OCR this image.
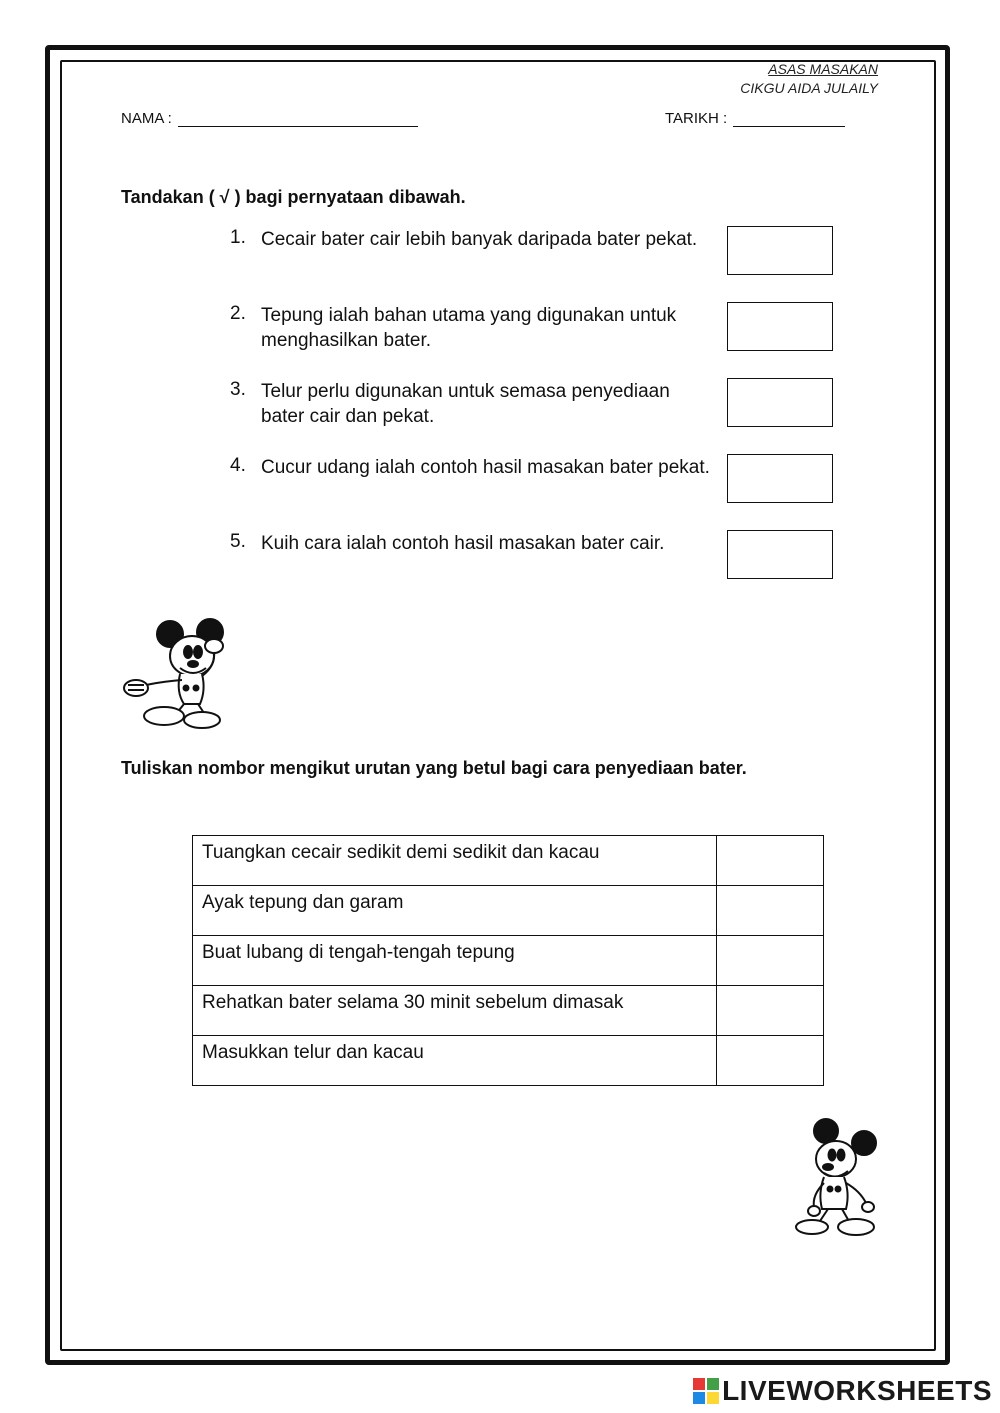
ASAS MASAKAN
CIKGU AIDA JULAILY
NAMA :	TARIKH :
Tandakan ( √ ) bagi pernyataan dibawah.
1. Cecair bater cair lebih banyak daripada bater pekat.
2. Tepung ialah bahan utama yang digunakan untuk menghasilkan bater.
3. Telur perlu digunakan untuk semasa penyediaan bater cair dan pekat.
4. Cucur udang ialah contoh hasil masakan bater pekat.
5. Kuih cara ialah contoh hasil masakan bater cair.
Tuliskan nombor mengikut urutan yang betul bagi cara penyediaan bater.
Tuangkan cecair sedikit demi sedikit dan kacau	
Ayak tepung dan garam	
Buat lubang di tengah-tengah tepung	
Rehatkan bater selama 30 minit sebelum dimasak	
Masukkan telur dan kacau	
LIVEWORKSHEETS
